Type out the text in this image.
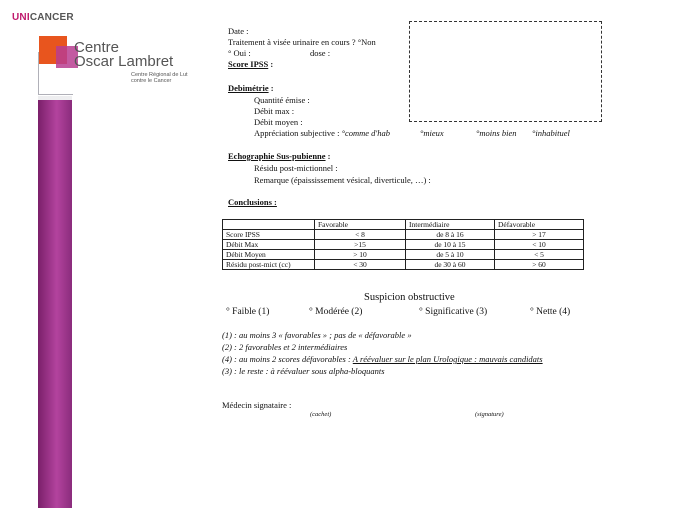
UNICANCER
Centre
Oscar Lambret
Centre Régional de Lut
contre le Cancer
Date :
Traitement à visée urinaire en cours ? °Non
° Oui :	dose :
Score IPSS :
Debimétrie :
Quantité émise :
Débit max :
Débit moyen :
Appréciation subjective : °comme d'hab	°mieux	°moins bien °inhabituel
Echographie Sus-pubienne :
Résidu post-mictionnel :
Remarque (épaississement vésical, diverticule, …) :
Conclusions :
	Favorable	Intermédiaire	Défavorable
Score IPSS	< 8	de 8 à 16	> 17
Débit Max	>15	de 10 à 15	< 10
Débit Moyen	> 10	de 5 à 10	< 5
Résidu post-mict (cc)	< 30	de 30 à 60	> 60
Suspicion obstructive
° Faible (1)	° Modérée (2)	° Significative (3)	° Nette (4)
(1) : au moins 3 « favorables » ; pas de « défavorable »
(2) : 2 favorables et 2 intermédiaires
(4) : au moins 2 scores défavorables : A réévaluer sur le plan Urologique : mauvais candidats
(3) : le reste : à réévaluer sous alpha-bloquants
Médecin signataire :
(cachet)	(signature)
